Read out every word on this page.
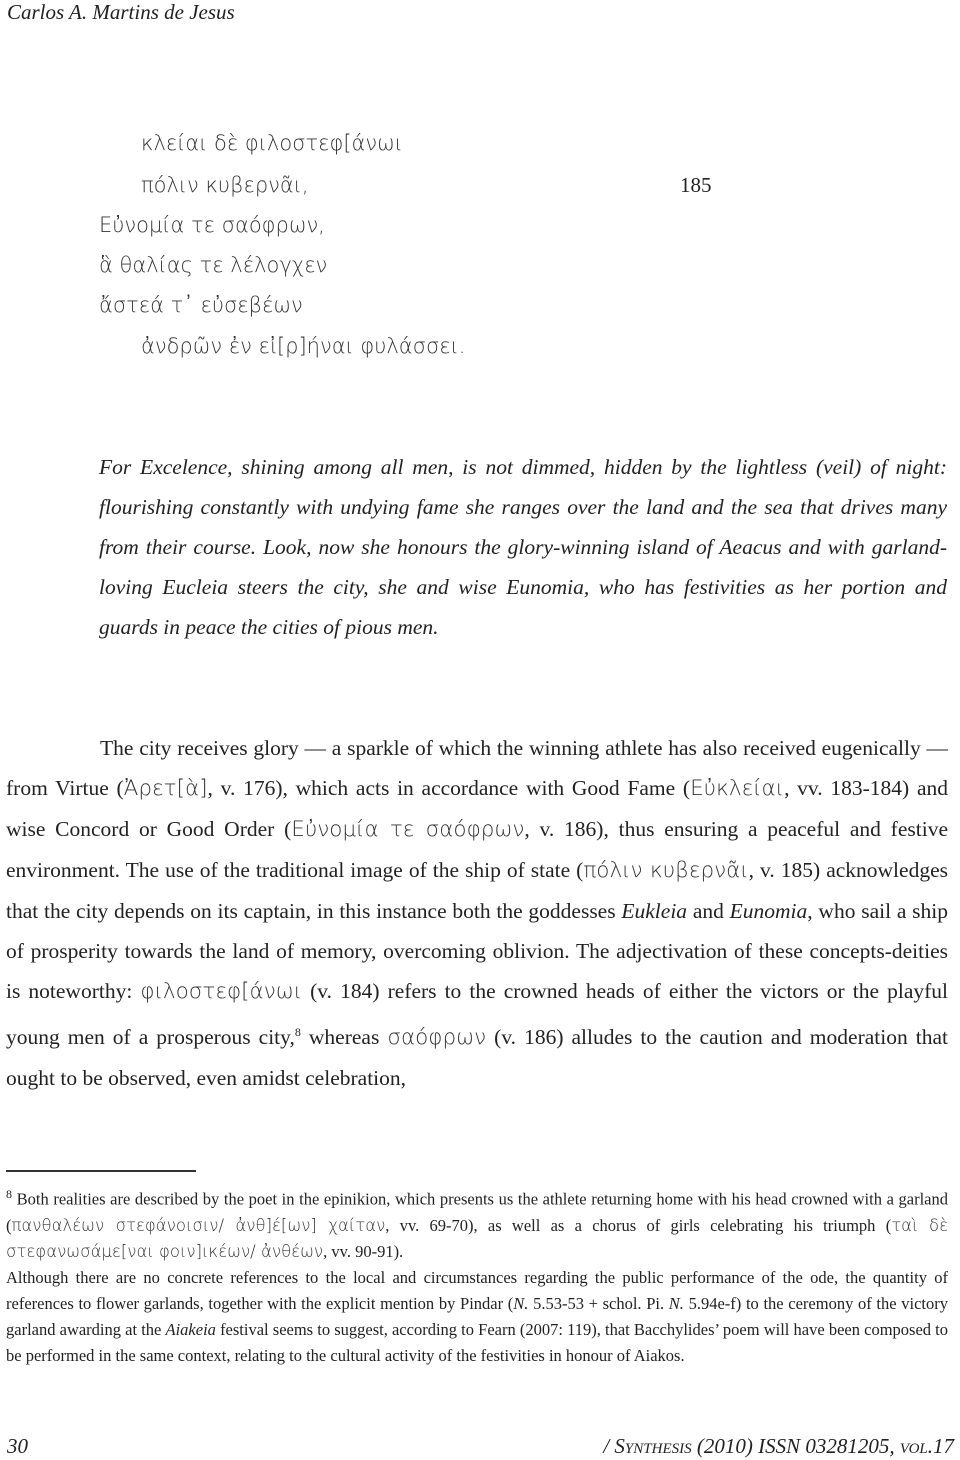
Carlos A. Martins de Jesus
κλείαι δὲ φιλοστεφ[άνωι
πόλιν κυβερνᾶι,
Εὐνομία τε σαόφρων,
ἃ θαλίας τε λέλογχεν
ἄστεά τ᾽ εὐσεβέων
ἀνδρῶν ἐν εἰ[ρ]ήναι φυλάσσει.
185
For Excelence, shining among all men, is not dimmed, hidden by the lightless (veil) of night: flourishing constantly with undying fame she ranges over the land and the sea that drives many from their course. Look, now she honours the glory-winning island of Aeacus and with garland-loving Eucleia steers the city, she and wise Eunomia, who has festivities as her portion and guards in peace the cities of pious men.

The city receives glory — a sparkle of which the winning athlete has also received eugenically — from Virtue (Ἀρετ[ὰ], v. 176), which acts in accordance with Good Fame (Εὐκλείαι, vv. 183-184) and wise Concord or Good Order (Εὐνομία τε σαόφρων, v. 186), thus ensuring a peaceful and festive environment. The use of the traditional image of the ship of state (πόλιν κυβερνᾶι, v. 185) acknowledges that the city depends on its captain, in this instance both the goddesses Eukleia and Eunomia, who sail a ship of prosperity towards the land of memory, overcoming oblivion. The adjectivation of these concepts-deities is noteworthy: φιλοστεφ[άνωι (v. 184) refers to the crowned heads of either the victors or the playful young men of a prosperous city,$^8$ whereas σαόφρων (v. 186) alludes to the caution and moderation that ought to be observed, even amidst celebration,

$^8$ Both realities are described by the poet in the epinikion, which presents us the athlete returning home with his head crowned with a garland (πανθαλέων στεφάνοισιν/ ἀνθ]έ[ων] χαίταν, vv. 69-70), as well as a chorus of girls celebrating his triumph (ταὶ δὲ στεφανωσάμε[ναι φοιν]ικέων/ ἀνθέων, vv. 90-91).

Although there are no concrete references to the local and circumstances regarding the public performance of the ode, the quantity of references to flower garlands, together with the explicit mention by Pindar (N. 5.53-53 + schol. Pi. N. 5.94e-f) to the ceremony of the victory garland awarding at the Aiakeia festival seems to suggest, according to Fearn (2007: 119), that Bacchylides’ poem will have been composed to be performed in the same context, relating to the cultural activity of the festivities in honour of Aiakos.

30	/ Synthesis (2010) ISSN 03281205, vol.17
